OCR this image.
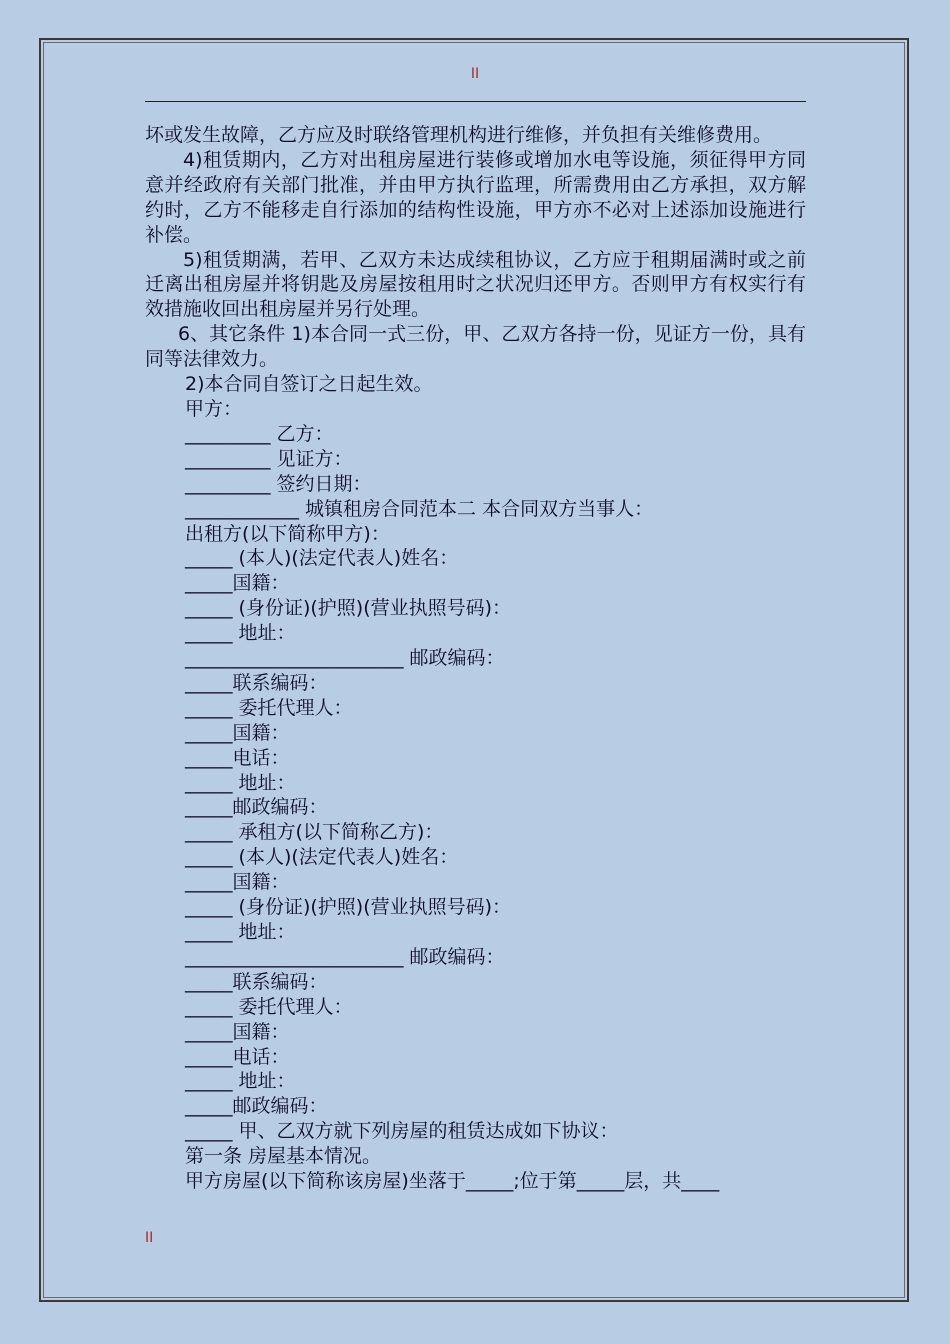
II

坏或发生故障，乙方应及时联络管理机构进行维修，并负担有关维修费用。

4)租赁期内，乙方对出租房屋进行装修或增加水电等设施，须征得甲方同意并经政府有关部门批准，并由甲方执行监理，所需费用由乙方承担，双方解约时，乙方不能移走自行添加的结构性设施，甲方亦不必对上述添加设施进行补偿。

5)租赁期满，若甲、乙双方未达成续租协议，乙方应于租期届满时或之前迁离出租房屋并将钥匙及房屋按租用时之状况归还甲方。否则甲方有权实行有效措施收回出租房屋并另行处理。

6、其它条件 1)本合同一式三份，甲、乙双方各持一份，见证方一份，具有同等法律效力。

2)本合同自签订之日起生效。
甲方：
_________ 乙方：
_________ 见证方：
_________ 签约日期：
____________ 城镇租房合同范本二 本合同双方当事人：
出租方(以下简称甲方)：
_____ (本人)(法定代表人)姓名：
_____国籍：
_____ (身份证)(护照)(营业执照号码)：
_____ 地址：
_______________________ 邮政编码：
_____联系编码：
_____ 委托代理人：
_____国籍：
_____电话：
_____ 地址：
_____邮政编码：
_____ 承租方(以下简称乙方)：
_____ (本人)(法定代表人)姓名：
_____国籍：
_____ (身份证)(护照)(营业执照号码)：
_____ 地址：
_______________________ 邮政编码：
_____联系编码：
_____ 委托代理人：
_____国籍：
_____电话：
_____ 地址：
_____邮政编码：
_____ 甲、乙双方就下列房屋的租赁达成如下协议：
第一条 房屋基本情况。
甲方房屋(以下简称该房屋)坐落于_____;位于第_____层，共____
II
